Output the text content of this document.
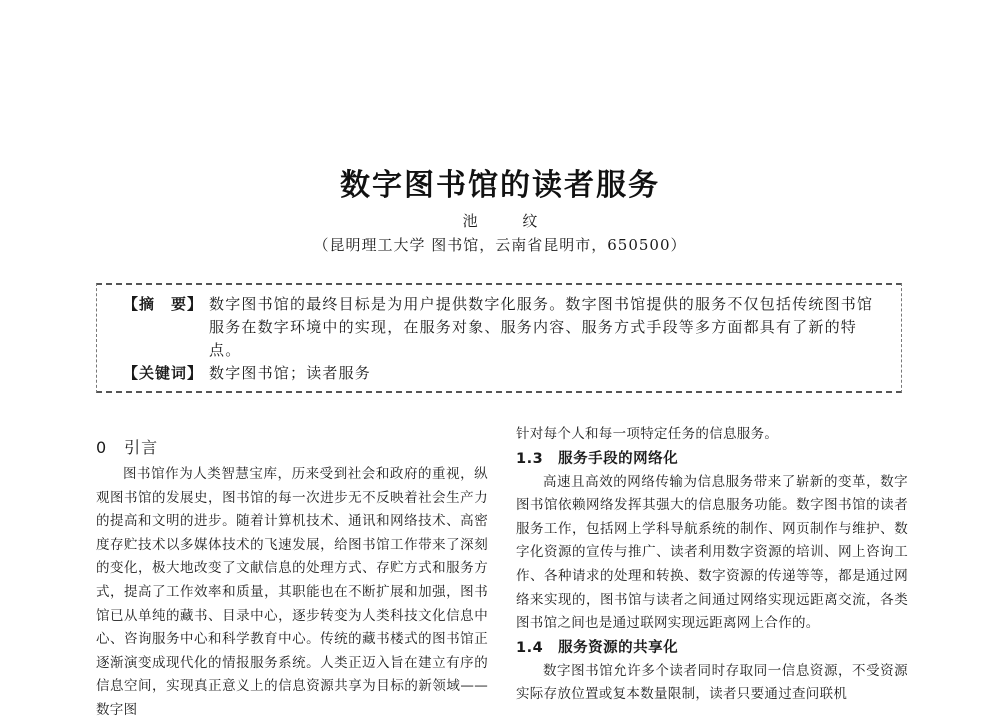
数字图书馆的读者服务
池 纹
（昆明理工大学 图书馆，云南省昆明市，650500）
【摘　要】 数字图书馆的最终目标是为用户提供数字化服务。数字图书馆提供的服务不仅包括传统图书馆服务在数字环境中的实现，在服务对象、服务内容、服务方式手段等多方面都具有了新的特点。
【关键词】 数字图书馆；读者服务
0　引言

图书馆作为人类智慧宝库，历来受到社会和政府的重视，纵观图书馆的发展史，图书馆的每一次进步无不反映着社会生产力的提高和文明的进步。随着计算机技术、通讯和网络技术、高密度存贮技术以多媒体技术的飞速发展，给图书馆工作带来了深刻的变化，极大地改变了文献信息的处理方式、存贮方式和服务方式，提高了工作效率和质量，其职能也在不断扩展和加强，图书馆已从单纯的藏书、目录中心，逐步转变为人类科技文化信息中心、咨询服务中心和科学教育中心。传统的藏书楼式的图书馆正逐渐演变成现代化的情报服务系统。人类正迈入旨在建立有序的信息空间，实现真正意义上的信息资源共享为目标的新领域——数字图

针对每个人和每一项特定任务的信息服务。

1.3　服务手段的网络化

高速且高效的网络传输为信息服务带来了崭新的变革，数字图书馆依赖网络发挥其强大的信息服务功能。数字图书馆的读者服务工作，包括网上学科导航系统的制作、网页制作与维护、数字化资源的宣传与推广、读者利用数字资源的培训、网上咨询工作、各种请求的处理和转换、数字资源的传递等等，都是通过网络来实现的，图书馆与读者之间通过网络实现远距离交流，各类图书馆之间也是通过联网实现远距离网上合作的。

1.4　服务资源的共享化

数字图书馆允许多个读者同时存取同一信息资源，不受资源实际存放位置或复本数量限制，读者只要通过查问联机
